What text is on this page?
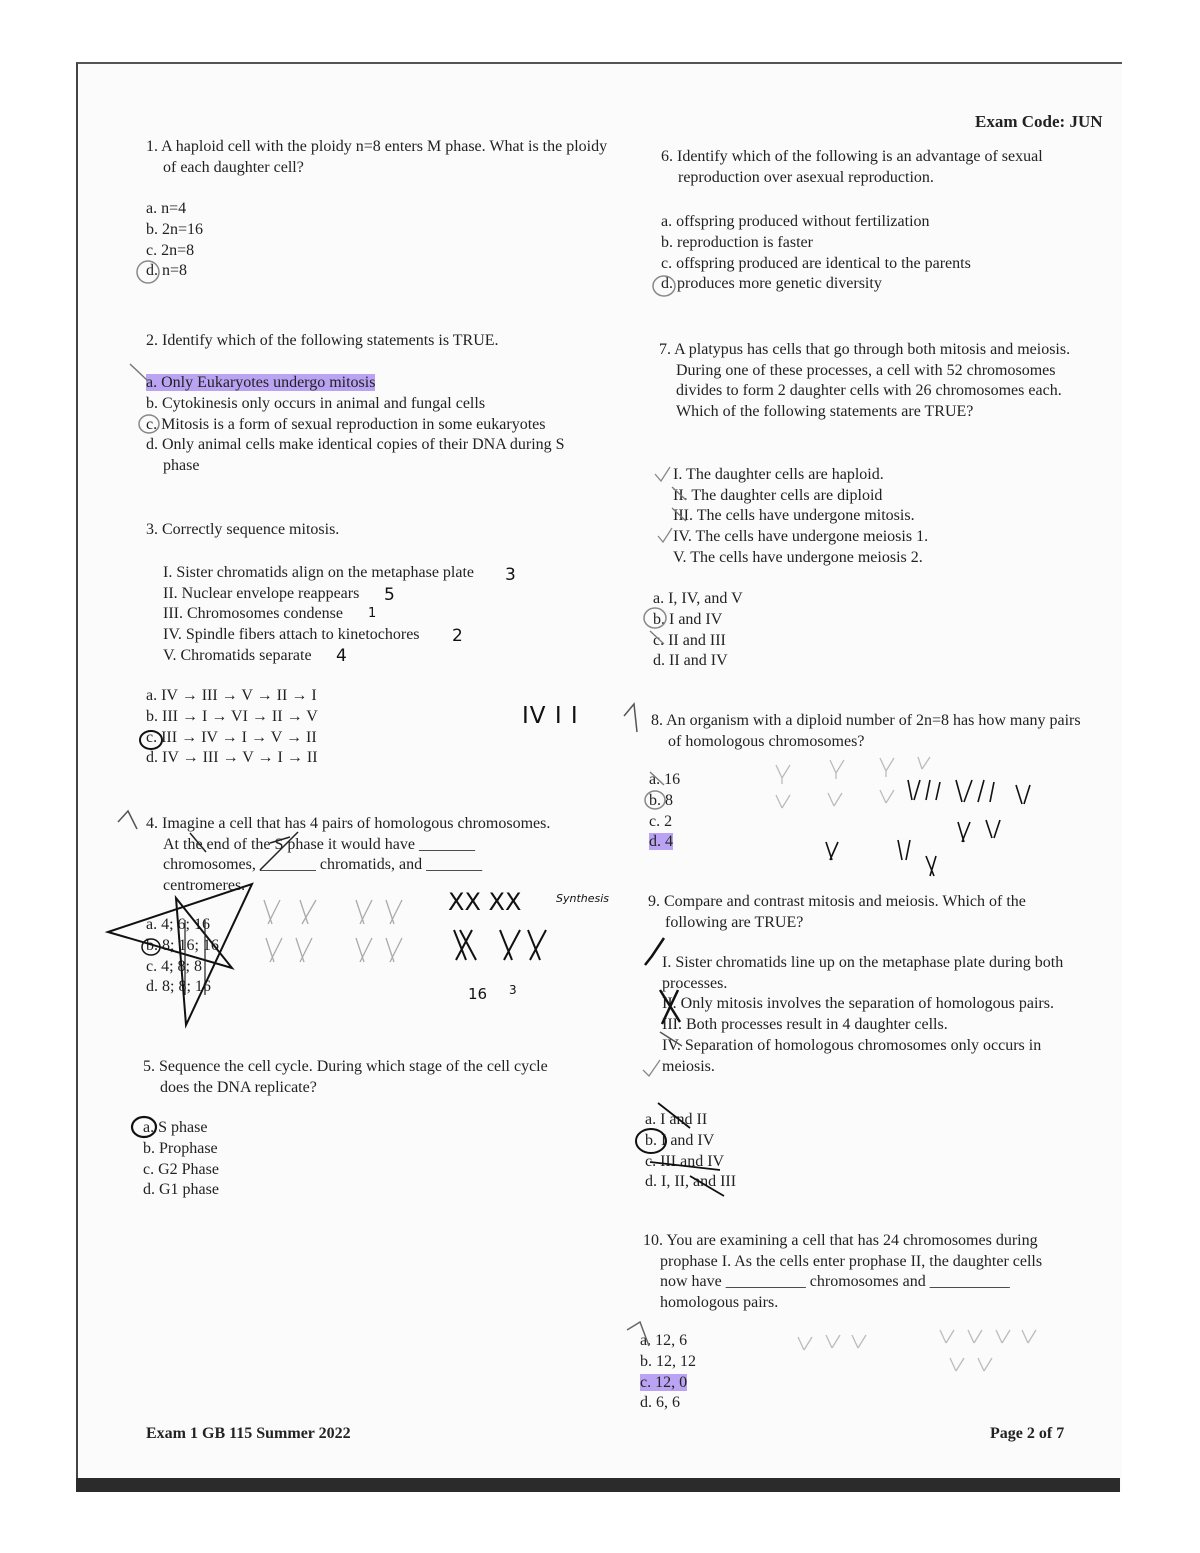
Exam Code: JUN
1. A haploid cell with the ploidy n=8 enters M phase. What is the ploidy of each daughter cell?
a. n=4
b. 2n=16
c. 2n=8
d. n=8
2. Identify which of the following statements is TRUE.
a. Only Eukaryotes undergo mitosis
b. Cytokinesis only occurs in animal and fungal cells
c. Mitosis is a form of sexual reproduction in some eukaryotes
d. Only animal cells make identical copies of their DNA during S phase
3. Correctly sequence mitosis.
I. Sister chromatids align on the metaphase plate
II. Nuclear envelope reappears
III. Chromosomes condense
IV. Spindle fibers attach to kinetochores
V. Chromatids separate
a. IV → III → V → II → I
b. III → I → VI → II → V
c. III → IV → I → V → II
d. IV → III → V → I → II
4. Imagine a cell that has 4 pairs of homologous chromosomes. At the end of the S phase it would have _______ chromosomes, _______ chromatids, and _______ centromeres.
a. 4; 6; 16
b. 8; 16; 16
c. 4; 8; 8
d. 8; 8; 16
5. Sequence the cell cycle. During which stage of the cell cycle does the DNA replicate?
a. S phase
b. Prophase
c. G2 Phase
d. G1 phase
6. Identify which of the following is an advantage of sexual reproduction over asexual reproduction.
a. offspring produced without fertilization
b. reproduction is faster
c. offspring produced are identical to the parents
d. produces more genetic diversity
7. A platypus has cells that go through both mitosis and meiosis. During one of these processes, a cell with 52 chromosomes divides to form 2 daughter cells with 26 chromosomes each. Which of the following statements are TRUE?
I. The daughter cells are haploid.
II. The daughter cells are diploid
III. The cells have undergone mitosis.
IV. The cells have undergone meiosis 1.
V. The cells have undergone meiosis 2.
a. I, IV, and V
b. I and IV
c. II and III
d. II and IV
8. An organism with a diploid number of 2n=8 has how many pairs of homologous chromosomes?
a. 16
b. 8
c. 2
d. 4
9. Compare and contrast mitosis and meiosis. Which of the following are TRUE?
I. Sister chromatids line up on the metaphase plate during both processes.
II. Only mitosis involves the separation of homologous pairs.
III. Both processes result in 4 daughter cells.
IV. Separation of homologous chromosomes only occurs in meiosis.
a. I and II
b. I and IV
c. III and IV
d. I, II, and III
10. You are examining a cell that has 24 chromosomes during prophase I. As the cells enter prophase II, the daughter cells now have __________ chromosomes and __________ homologous pairs.
a. 12, 6
b. 12, 12
c. 12, 0
d. 6, 6
Exam 1 GB 115 Summer 2022	Page 2 of 7
3
5
1
2
4
IV I I
XX XX	Synthesis
16 3
